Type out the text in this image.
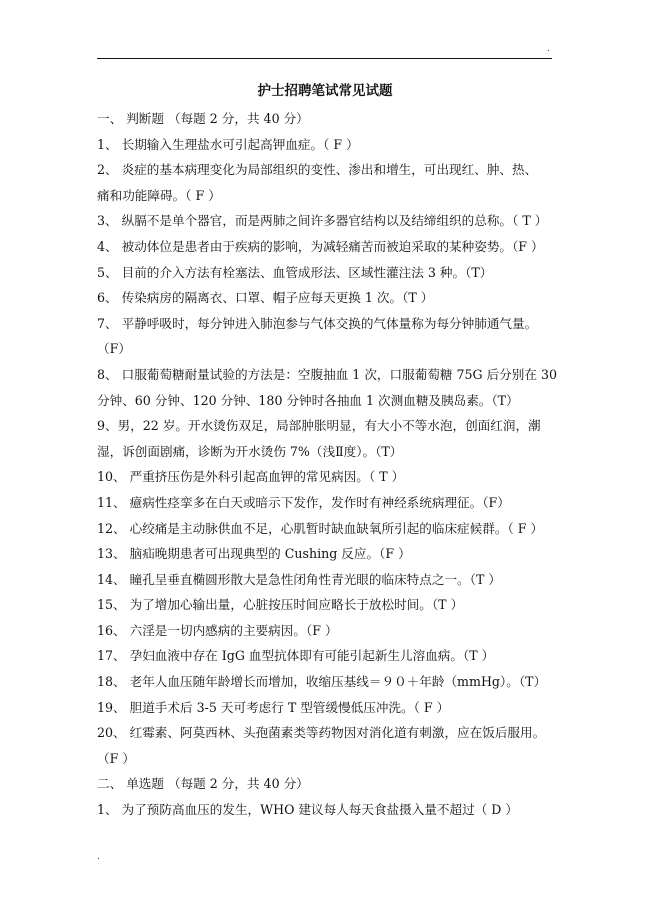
.
护士招聘笔试常见试题
一、 判断题 （每题 2 分，共 40 分）
1、 长期输入生理盐水可引起高钾血症。（ F ）
2、 炎症的基本病理变化为局部组织的变性、渗出和增生，可出现红、肿、热、
痛和功能障碍。（ F ）
3、 纵膈不是单个器官，而是两肺之间许多器官结构以及结缔组织的总称。（ T ）
4、 被动体位是患者由于疾病的影响，为减轻痛苦而被迫采取的某种姿势。（F ）
5、 目前的介入方法有栓塞法、血管成形法、区域性灌注法 3 种。（T）
6、 传染病房的隔离衣、口罩、帽子应每天更换 1 次。（T ）
7、 平静呼吸时，每分钟进入肺泡参与气体交换的气体量称为每分钟肺通气量。
（F）
8、 口服葡萄糖耐量试验的方法是：空腹抽血 1 次，口服葡萄糖 75G 后分别在 30
分钟、60 分钟、120 分钟、180 分钟时各抽血 1 次测血糖及胰岛素。（T）
9、男，22 岁。开水烫伤双足，局部肿胀明显，有大小不等水泡，创面红润，潮
湿，诉创面剧痛，诊断为开水烫伤 7%（浅Ⅱ度）。（T）
10、 严重挤压伤是外科引起高血钾的常见病因。（ T ）
11、 癔病性痉挛多在白天或暗示下发作，发作时有神经系统病理征。（F）
12、 心绞痛是主动脉供血不足，心肌暂时缺血缺氧所引起的临床症候群。（ F ）
13、 脑疝晚期患者可出现典型的 Cushing 反应。（F ）
14、 瞳孔呈垂直椭圆形散大是急性闭角性青光眼的临床特点之一。（T ）
15、 为了增加心输出量，心脏按压时间应略长于放松时间。（T ）
16、 六淫是一切内感病的主要病因。（F ）
17、 孕妇血液中存在 IgG 血型抗体即有可能引起新生儿溶血病。（T ）
18、 老年人血压随年龄增长而增加，收缩压基线＝９０＋年龄（mmHg）。（T）
19、 胆道手术后 3-5 天可考虑行 T 型管缓慢低压冲洗。（ F ）
20、 红霉素、阿莫西林、头孢菌素类等药物因对消化道有刺激，应在饭后服用。
（F ）
二、 单选题 （每题 2 分，共 40 分）
1、 为了预防高血压的发生，WHO 建议每人每天食盐摄入量不超过（ D ）
.
